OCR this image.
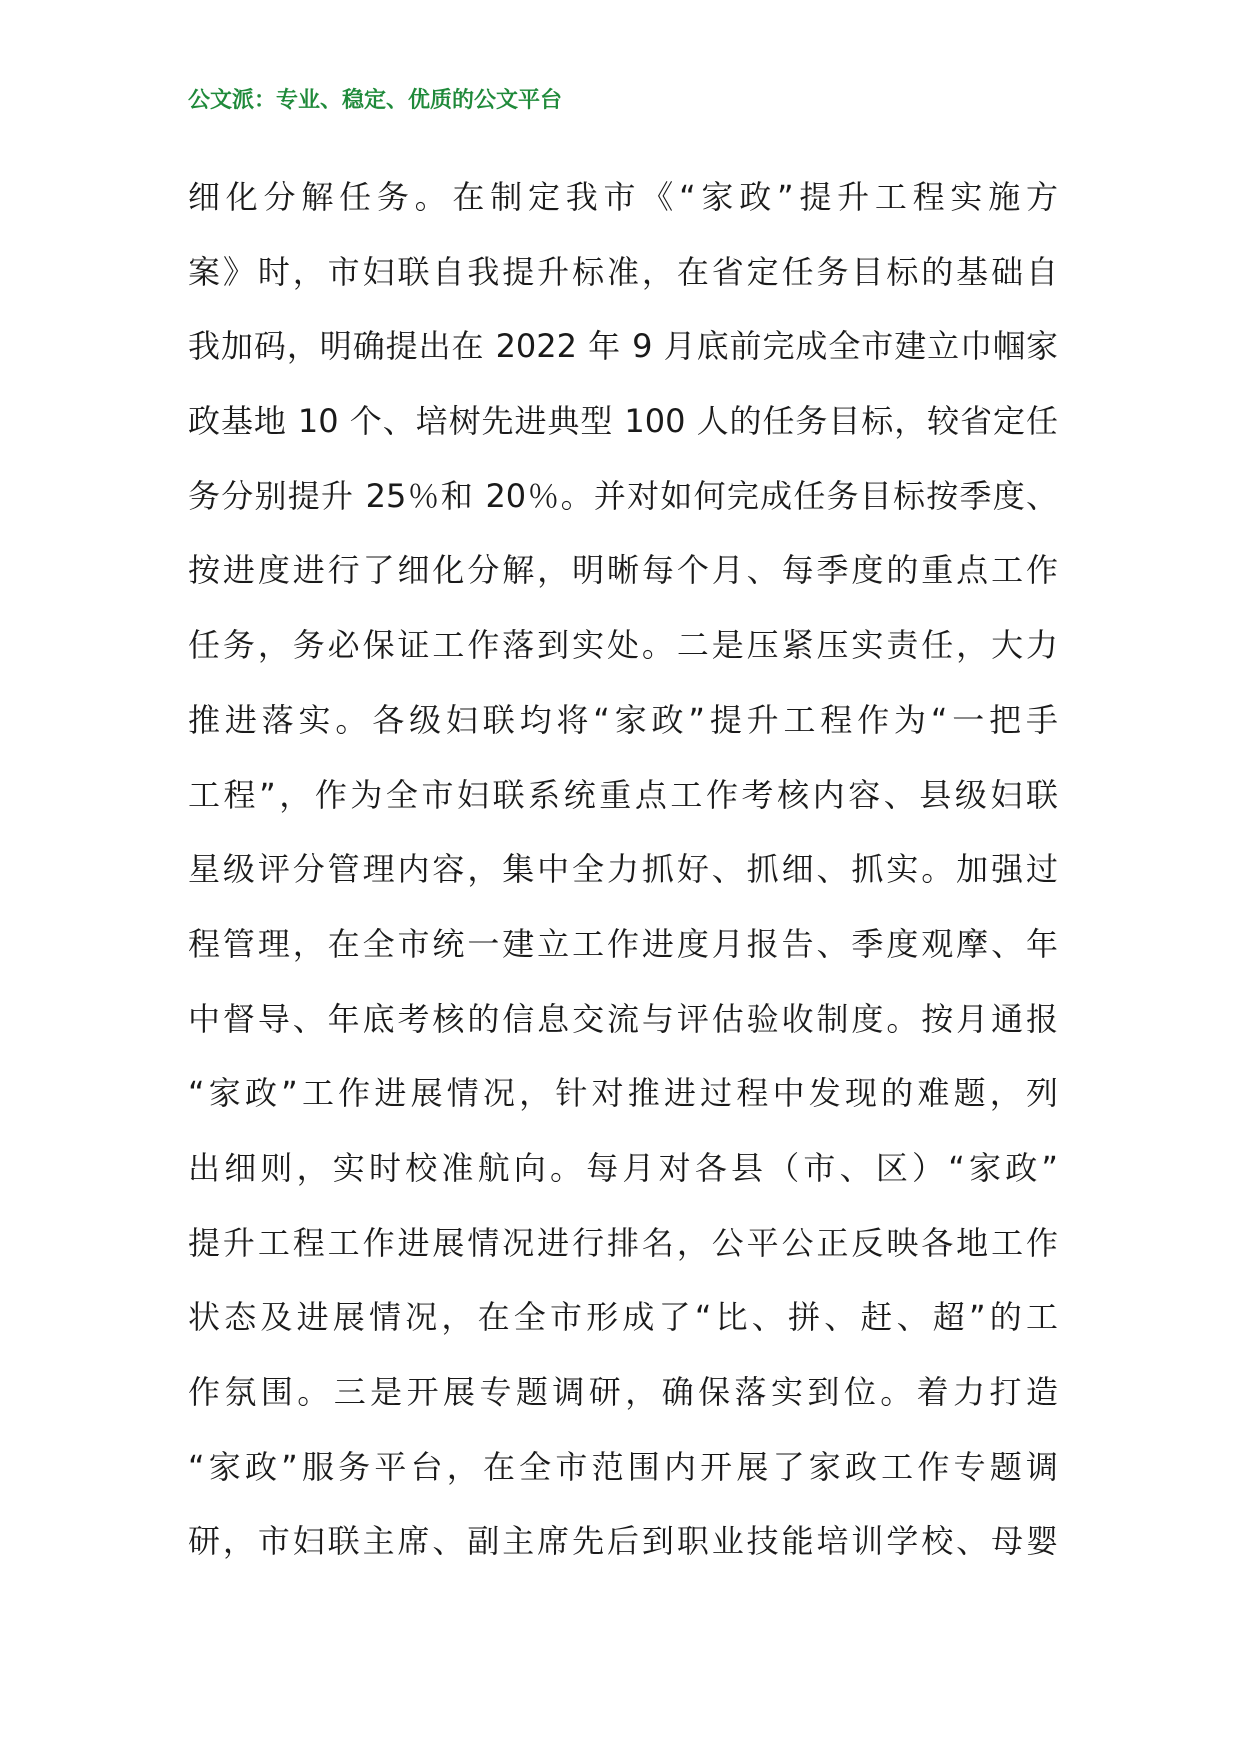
公文派：专业、稳定、优质的公文平台
细化分解任务。在制定我市《“家政”提升工程实施方
案》时，市妇联自我提升标准，在省定任务目标的基础自
我加码，明确提出在 2022 年 9 月底前完成全市建立巾帼家
政基地 10 个、培树先进典型 100 人的任务目标，较省定任
务分别提升 25％和 20％。并对如何完成任务目标按季度、
按进度进行了细化分解，明晰每个月、每季度的重点工作
任务，务必保证工作落到实处。二是压紧压实责任，大力
推进落实。各级妇联均将“家政”提升工程作为“一把手
工程”，作为全市妇联系统重点工作考核内容、县级妇联
星级评分管理内容，集中全力抓好、抓细、抓实。加强过
程管理，在全市统一建立工作进度月报告、季度观摩、年
中督导、年底考核的信息交流与评估验收制度。按月通报
“家政”工作进展情况，针对推进过程中发现的难题，列
出细则，实时校准航向。每月对各县（市、区）“家政”
提升工程工作进展情况进行排名，公平公正反映各地工作
状态及进展情况，在全市形成了“比、拼、赶、超”的工
作氛围。三是开展专题调研，确保落实到位。着力打造
“家政”服务平台，在全市范围内开展了家政工作专题调
研，市妇联主席、副主席先后到职业技能培训学校、母婴
